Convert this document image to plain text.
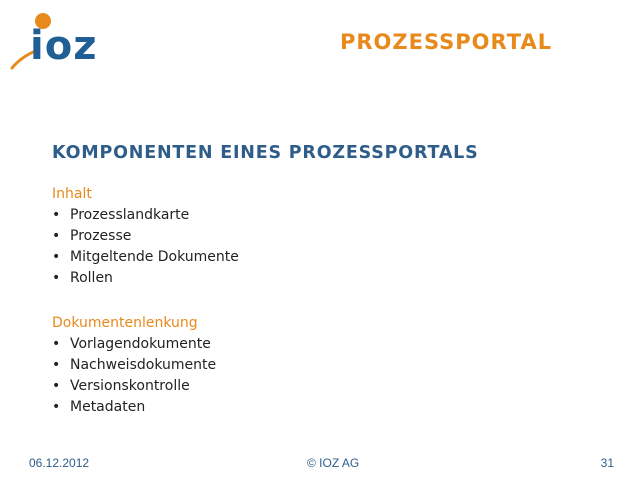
ioz	PROZESSPORTAL
KOMPONENTEN EINES PROZESSPORTALS
Inhalt
• Prozesslandkarte
• Prozesse
• Mitgeltende Dokumente
• Rollen
Dokumentenlenkung
• Vorlagendokumente
• Nachweisdokumente
• Versionskontrolle
• Metadaten
06.12.2012	© IOZ AG	31
